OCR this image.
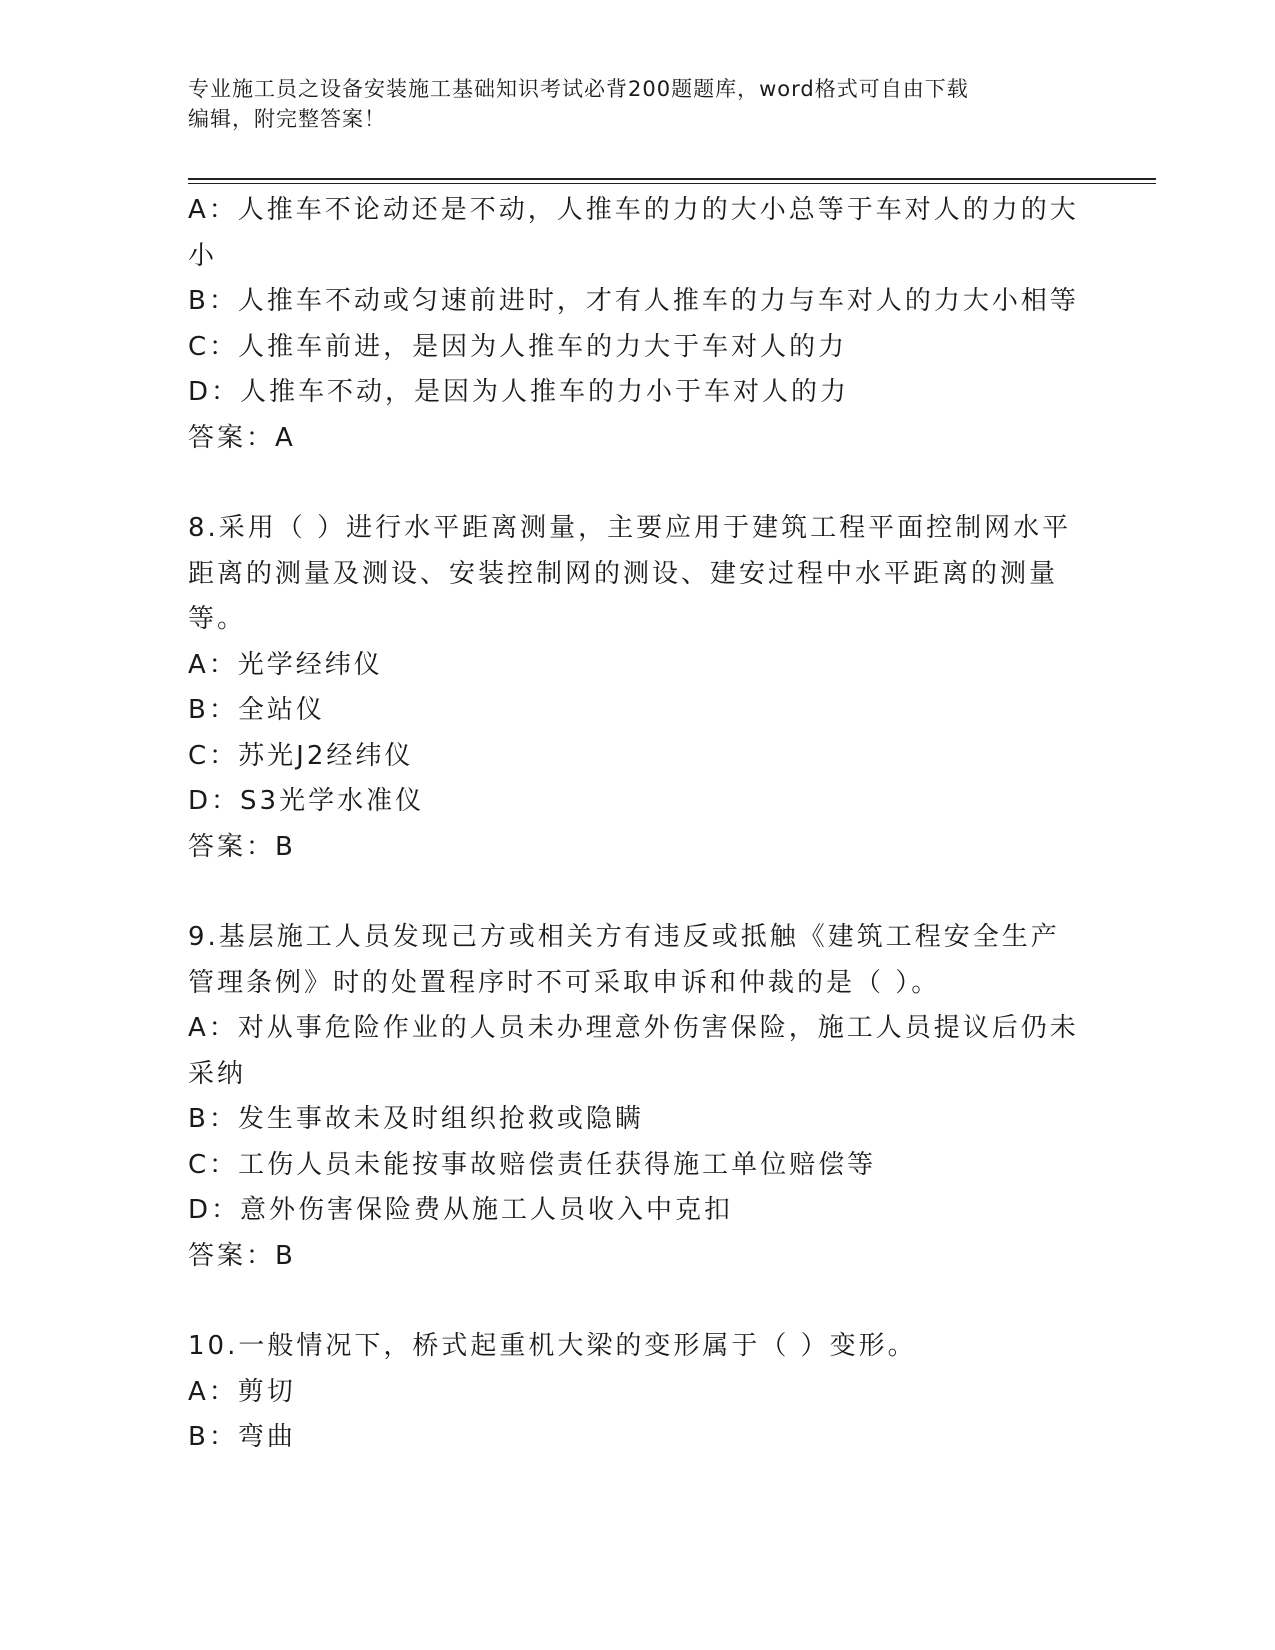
专业施工员之设备安装施工基础知识考试必背200题题库，word格式可自由下载
编辑，附完整答案！
A：人推车不论动还是不动，人推车的力的大小总等于车对人的力的大
小
B：人推车不动或匀速前进时，才有人推车的力与车对人的力大小相等
C：人推车前进，是因为人推车的力大于车对人的力
D：人推车不动，是因为人推车的力小于车对人的力
答案：A
8.采用（ ）进行水平距离测量，主要应用于建筑工程平面控制网水平
距离的测量及测设、安装控制网的测设、建安过程中水平距离的测量
等。
A：光学经纬仪
B：全站仪
C：苏光J2经纬仪
D：S3光学水准仪
答案：B
9.基层施工人员发现己方或相关方有违反或抵触《建筑工程安全生产
管理条例》时的处置程序时不可采取申诉和仲裁的是（ ）。
A：对从事危险作业的人员未办理意外伤害保险，施工人员提议后仍未
采纳
B：发生事故未及时组织抢救或隐瞒
C：工伤人员未能按事故赔偿责任获得施工单位赔偿等
D：意外伤害保险费从施工人员收入中克扣
答案：B
10.一般情况下，桥式起重机大梁的变形属于（ ）变形。
A：剪切
B：弯曲
